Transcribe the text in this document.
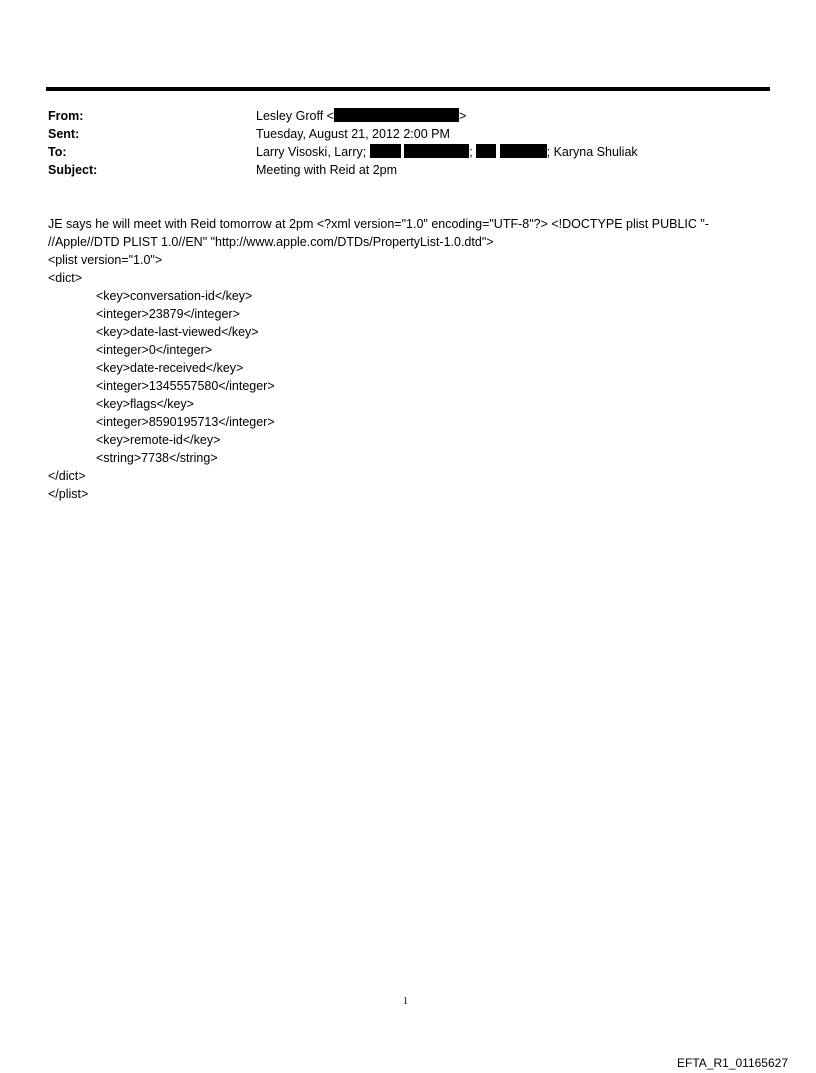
From:	Lesley Groff <	>
Sent:	Tuesday, August 21, 2012 2:00 PM
To:	Larry Visoski, Larry;	;	; Karyna Shuliak
Subject:	Meeting with Reid at 2pm
JE says he will meet with Reid tomorrow at 2pm <?xml version="1.0" encoding="UTF-8"?> <!DOCTYPE plist PUBLIC "-
//Apple//DTD PLIST 1.0//EN" "http://www.apple.com/DTDs/PropertyList-1.0.dtd">
<plist version="1.0">
<dict>
<key>conversation-id</key>
<integer>23879</integer>
<key>date-last-viewed</key>
<integer>0</integer>
<key>date-received</key>
<integer>1345557580</integer>
<key>flags</key>
<integer>8590195713</integer>
<key>remote-id</key>
<string>7738</string>
</dict>
</plist>
1
EFTA_R1_01165627
